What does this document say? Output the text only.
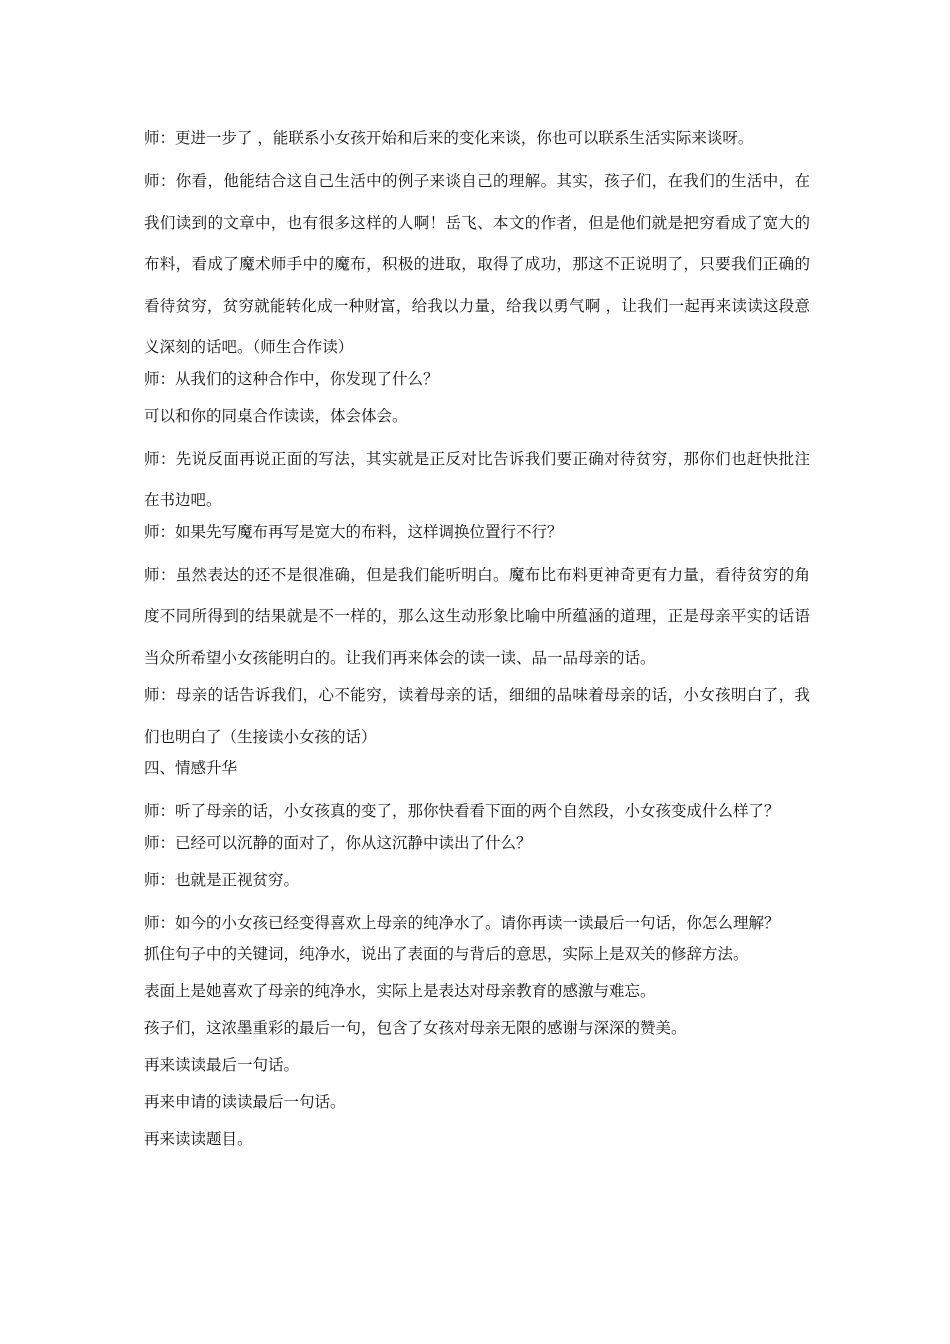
师：更进一步了 ，能联系小女孩开始和后来的变化来谈，你也可以联系生活实际来谈呀。

师：你看，他能结合这自己生活中的例子来谈自己的理解。其实，孩子们，在我们的生活中，在我们读到的文章中，也有很多这样的人啊！岳飞、本文的作者，但是他们就是把穷看成了宽大的布料，看成了魔术师手中的魔布，积极的进取，取得了成功，那这不正说明了，只要我们正确的看待贫穷，贫穷就能转化成一种财富，给我以力量，给我以勇气啊 ，让我们一起再来读读这段意义深刻的话吧。（师生合作读）

师：从我们的这种合作中，你发现了什么？

可以和你的同桌合作读读，体会体会。

师：先说反面再说正面的写法，其实就是正反对比告诉我们要正确对待贫穷，那你们也赶快批注在书边吧。

师：如果先写魔布再写是宽大的布料，这样调换位置行不行？

师：虽然表达的还不是很准确，但是我们能听明白。魔布比布料更神奇更有力量，看待贫穷的角度不同所得到的结果就是不一样的，那么这生动形象比喻中所蕴涵的道理，正是母亲平实的话语当众所希望小女孩能明白的。让我们再来体会的读一读、品一品母亲的话。

师：母亲的话告诉我们，心不能穷，读着母亲的话，细细的品味着母亲的话，小女孩明白了，我们也明白了（生接读小女孩的话）

四、情感升华

师：听了母亲的话，小女孩真的变了，那你快看看下面的两个自然段，小女孩变成什么样了？

师：已经可以沉静的面对了，你从这沉静中读出了什么？

师：也就是正视贫穷。

师：如今的小女孩已经变得喜欢上母亲的纯净水了。请你再读一读最后一句话，你怎么理解？

抓住句子中的关键词，纯净水，说出了表面的与背后的意思，实际上是双关的修辞方法。

表面上是她喜欢了母亲的纯净水，实际上是表达对母亲教育的感激与难忘。

孩子们，这浓墨重彩的最后一句，包含了女孩对母亲无限的感谢与深深的赞美。

再来读读最后一句话。

再来申请的读读最后一句话。

再来读读题目。
